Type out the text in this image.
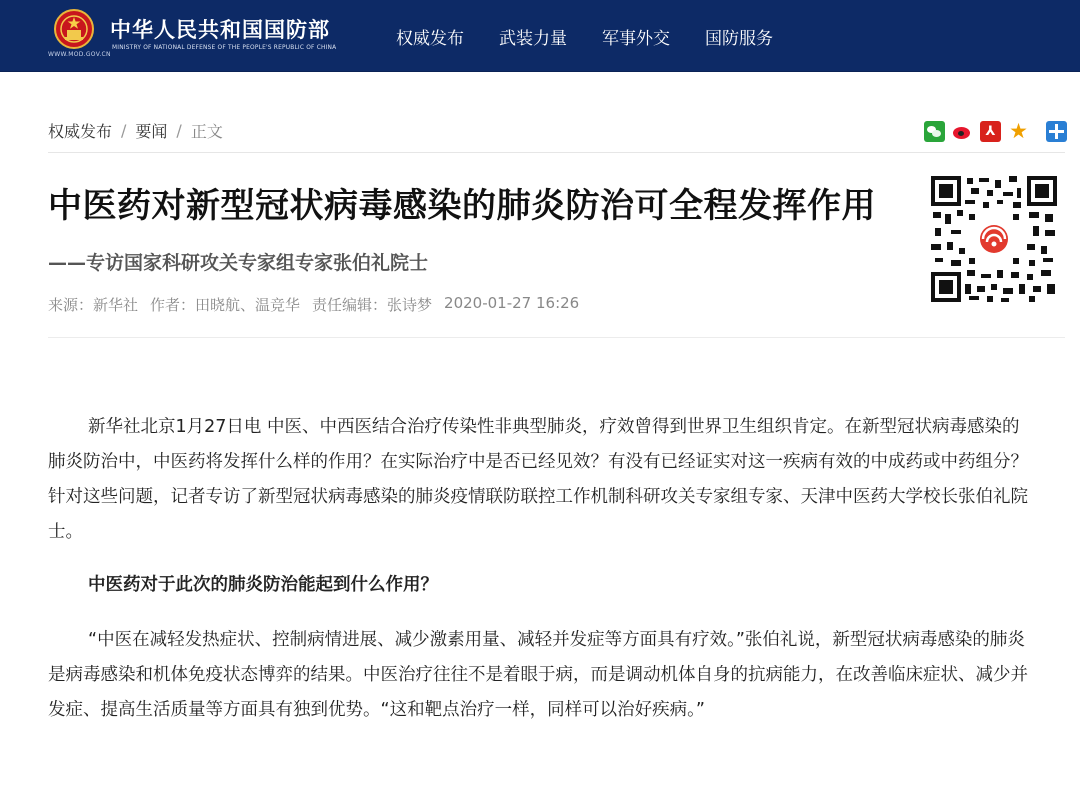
WWW.MOD.GOV.CN
中华人民共和国国防部
MINISTRY OF NATIONAL DEFENSE OF THE PEOPLE'S REPUBLIC OF CHINA	权威发布 武装力量 军事外交 国防服务
权威发布 / 要闻 / 正文	⅄ ★
中医药对新型冠状病毒感染的肺炎防治可全程发挥作用
——专访国家科研攻关专家组专家张伯礼院士
来源：新华社 作者：田晓航、温竞华 责任编辑：张诗梦 2020-01-27 16:26

新华社北京1月27日电 中医、中西医结合治疗传染性非典型肺炎，疗效曾得到世界卫生组织肯定。在新型冠状病毒感染的肺炎防治中，中医药将发挥什么样的作用？在实际治疗中是否已经见效？有没有已经证实对这一疾病有效的中成药或中药组分？针对这些问题，记者专访了新型冠状病毒感染的肺炎疫情联防联控工作机制科研攻关专家组专家、天津中医药大学校长张伯礼院士。

中医药对于此次的肺炎防治能起到什么作用？

“中医在减轻发热症状、控制病情进展、减少激素用量、减轻并发症等方面具有疗效。”张伯礼说，新型冠状病毒感染的肺炎是病毒感染和机体免疫状态博弈的结果。中医治疗往往不是着眼于病，而是调动机体自身的抗病能力，在改善临床症状、减少并发症、提高生活质量等方面具有独到优势。“这和靶点治疗一样，同样可以治好疾病。”
